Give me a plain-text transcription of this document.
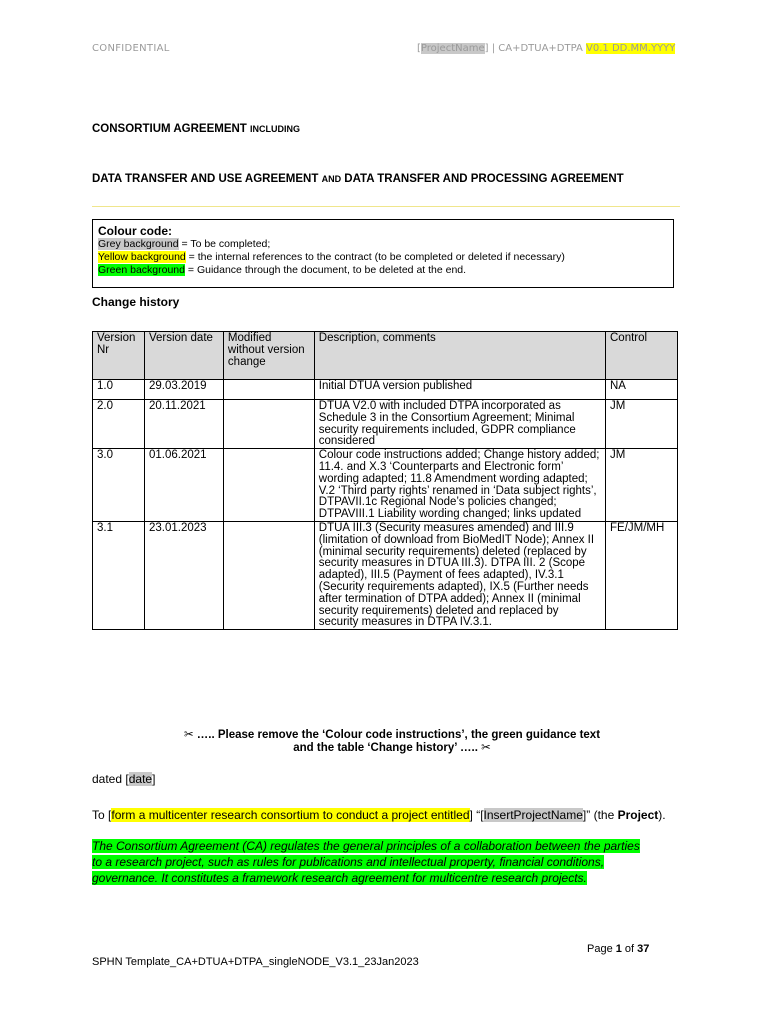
CONFIDENTIAL	[ProjectName] | CA+DTUA+DTPA V0.1 DD.MM.YYYY
CONSORTIUM AGREEMENT INCLUDING
DATA TRANSFER AND USE AGREEMENT AND DATA TRANSFER AND PROCESSING AGREEMENT
Colour code:
Grey background = To be completed;
Yellow background = the internal references to the contract (to be completed or deleted if necessary)
Green background = Guidance through the document, to be deleted at the end.
Change history
Version Nr	Version date	Modified without version change	Description, comments	Control
1.0	29.03.2019		Initial DTUA version published	NA
2.0	20.11.2021		DTUA V2.0 with included DTPA incorporated as Schedule 3 in the Consortium Agreement; Minimal security requirements included, GDPR compliance considered	JM
3.0	01.06.2021		Colour code instructions added; Change history added; 11.4. and X.3 ‘Counterparts and Electronic form’ wording adapted; 11.8 Amendment wording adapted; V.2 ‘Third party rights’ renamed in ‘Data subject rights’, DTPAVII.1c Regional Node’s policies changed; DTPAVIII.1 Liability wording changed; links updated	JM
3.1	23.01.2023		DTUA III.3 (Security measures amended) and III.9 (limitation of download from BioMedIT Node); Annex II (minimal security requirements) deleted (replaced by security measures in DTUA III.3). DTPA III. 2 (Scope adapted), III.5 (Payment of fees adapted), IV.3.1 (Security requirements adapted), IX.5 (Further needs after termination of DTPA added); Annex II (minimal security requirements) deleted and replaced by security measures in DTPA IV.3.1.	FE/JM/MH
✂ ….. Please remove the ‘Colour code instructions’, the green guidance text
and the table ‘Change history’ ….. ✂
dated [date]
To [form a multicenter research consortium to conduct a project entitled] “[InsertProjectName]” (the Project).
The Consortium Agreement (CA) regulates the general principles of a collaboration between the parties to a research project, such as rules for publications and intellectual property, financial conditions, governance. It constitutes a framework research agreement for multicentre research projects.
Page 1 of 37
SPHN Template_CA+DTUA+DTPA_singleNODE_V3.1_23Jan2023
